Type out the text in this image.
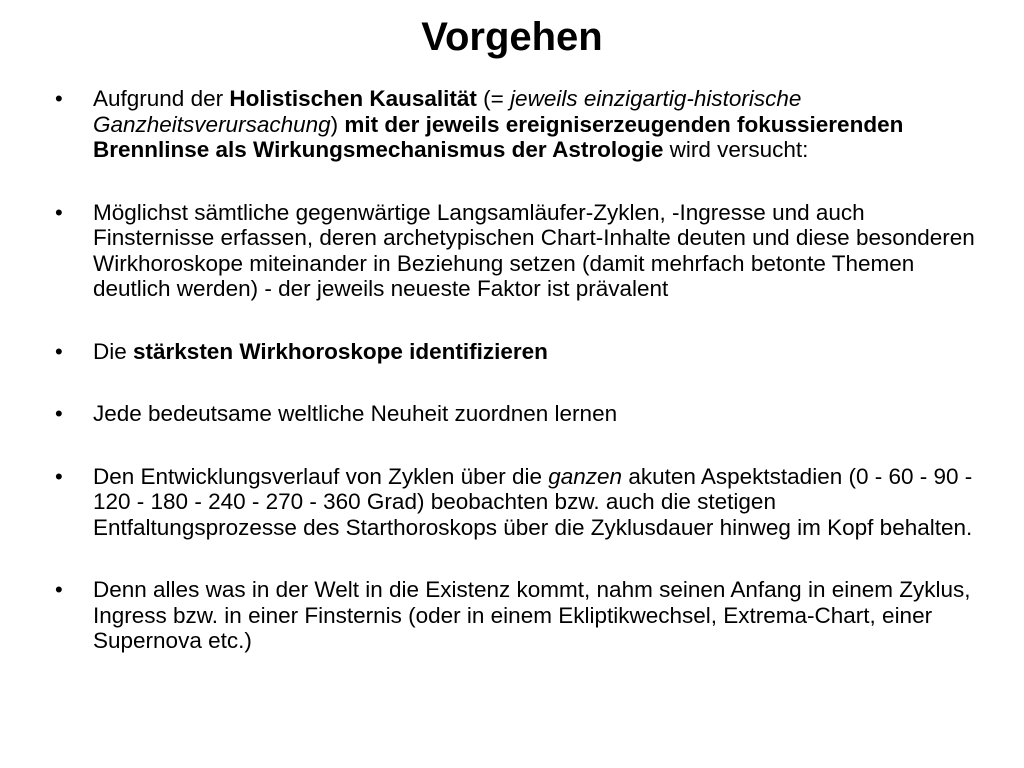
Vorgehen
•	Aufgrund der Holistischen Kausalität (= jeweils einzigartig-historische Ganzheitsverursachung) mit der jeweils ereigniserzeugenden fokussierenden Brennlinse als Wirkungsmechanismus der Astrologie wird versucht:
•	Möglichst sämtliche gegenwärtige Langsamläufer-Zyklen, -Ingresse und auch Finsternisse erfassen, deren archetypischen Chart-Inhalte deuten und diese besonderen Wirkhoroskope miteinander in Beziehung setzen (damit mehrfach betonte Themen deutlich werden) - der jeweils neueste Faktor ist prävalent
•	Die stärksten Wirkhoroskope identifizieren
•	Jede bedeutsame weltliche Neuheit zuordnen lernen
•	Den Entwicklungsverlauf von Zyklen über die ganzen akuten Aspektstadien (0 - 60 - 90 - 120 - 180 - 240 - 270 - 360 Grad) beobachten bzw. auch die stetigen Entfaltungsprozesse des Starthoroskops über die Zyklusdauer hinweg im Kopf behalten.
•	Denn alles was in der Welt in die Existenz kommt, nahm seinen Anfang in einem Zyklus, Ingress bzw. in einer Finsternis (oder in einem Ekliptikwechsel, Extrema-Chart, einer Supernova etc.)
